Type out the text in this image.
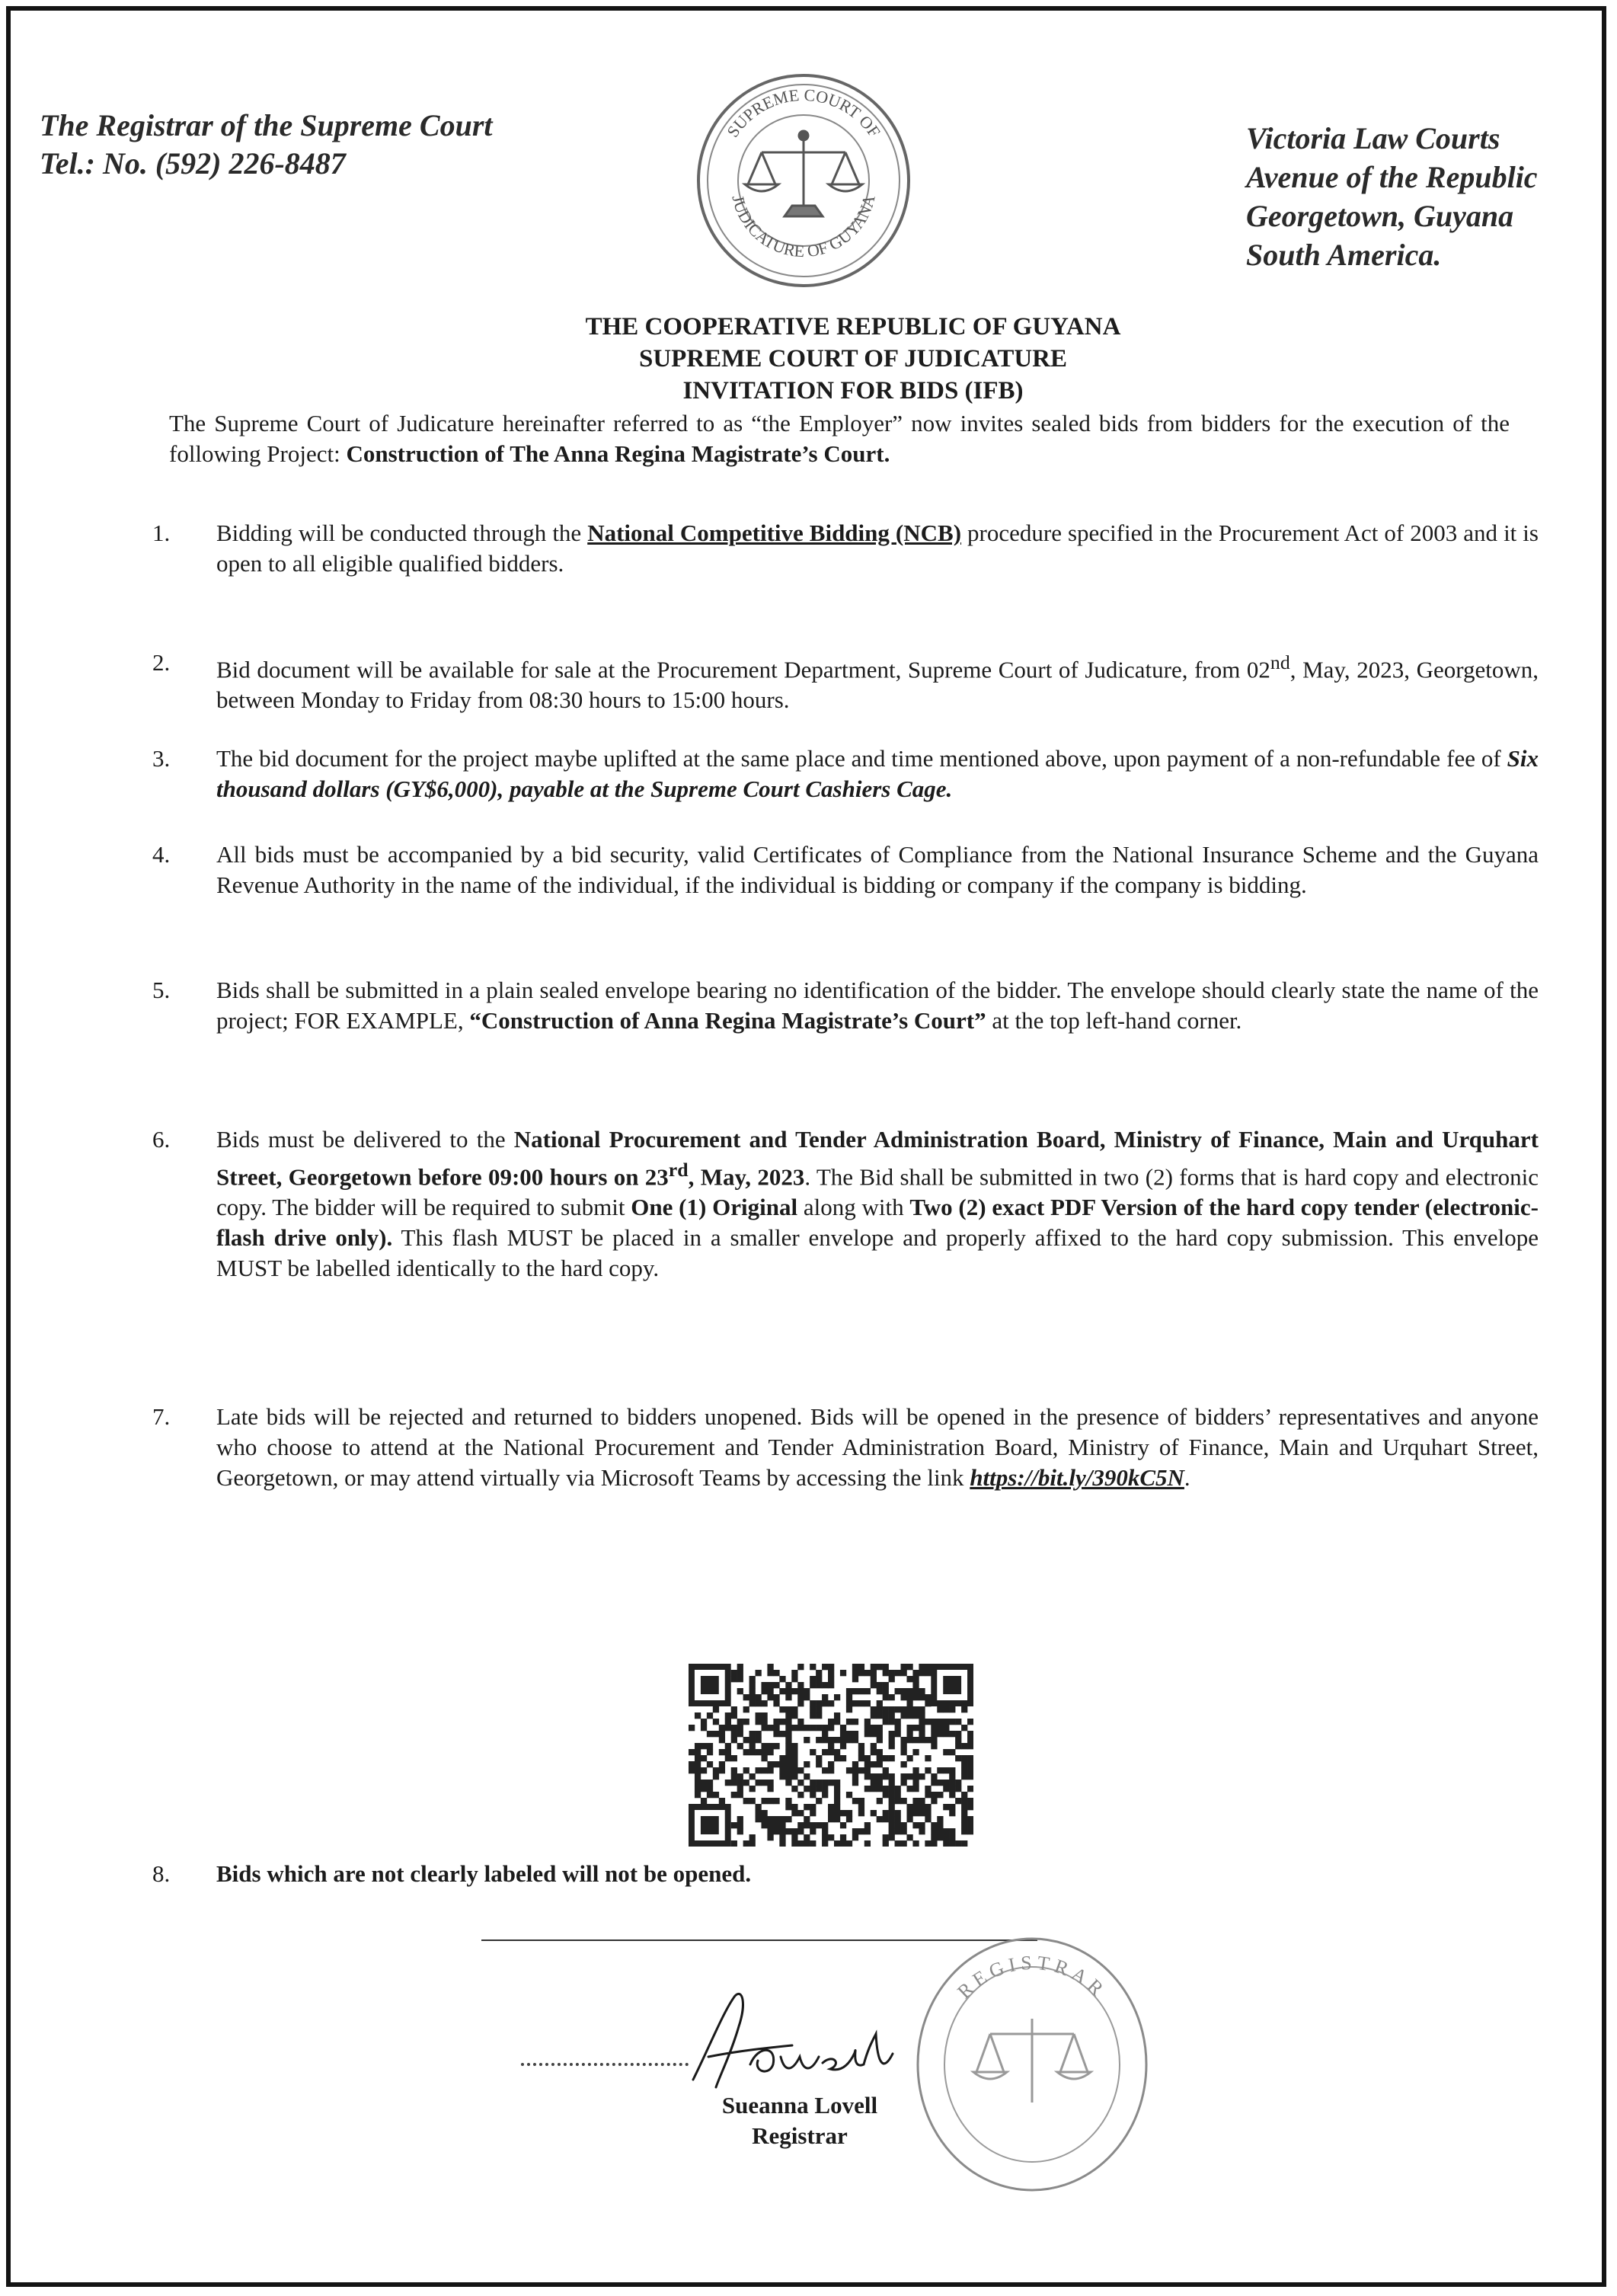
The Registrar of the Supreme Court
Tel.: No. (592) 226-8487
Victoria Law Courts
Avenue of the Republic
Georgetown, Guyana
South America.
SUPREME COURT OF
JUDICATURE OF GUYANA
THE COOPERATIVE REPUBLIC OF GUYANA
SUPREME COURT OF JUDICATURE
INVITATION FOR BIDS (IFB)
The Supreme Court of Judicature hereinafter referred to as “the Employer” now invites sealed bids from bidders for the execution of the following Project: Construction of The Anna Regina Magistrate’s Court.
1.	Bidding will be conducted through the National Competitive Bidding (NCB) procedure specified in the Procurement Act of 2003 and it is open to all eligible qualified bidders.
2.	Bid document will be available for sale at the Procurement Department, Supreme Court of Judicature, from 02nd, May, 2023, Georgetown, between Monday to Friday from 08:30 hours to 15:00 hours.
3.	The bid document for the project maybe uplifted at the same place and time mentioned above, upon payment of a non-refundable fee of Six thousand dollars (GY$6,000), payable at the Supreme Court Cashiers Cage.
4.	All bids must be accompanied by a bid security, valid Certificates of Compliance from the National Insurance Scheme and the Guyana Revenue Authority in the name of the individual, if the individual is bidding or company if the company is bidding.
5.	Bids shall be submitted in a plain sealed envelope bearing no identification of the bidder. The envelope should clearly state the name of the project; FOR EXAMPLE, “Construction of Anna Regina Magistrate’s Court” at the top left-hand corner.
6.	Bids must be delivered to the National Procurement and Tender Administration Board, Ministry of Finance, Main and Urquhart Street, Georgetown before 09:00 hours on 23rd, May, 2023. The Bid shall be submitted in two (2) forms that is hard copy and electronic copy. The bidder will be required to submit One (1) Original along with Two (2) exact PDF Version of the hard copy tender (electronic-flash drive only). This flash MUST be placed in a smaller envelope and properly affixed to the hard copy submission. This envelope MUST be labelled identically to the hard copy.
7.	Late bids will be rejected and returned to bidders unopened. Bids will be opened in the presence of bidders’ representatives and anyone who choose to attend at the National Procurement and Tender Administration Board, Ministry of Finance, Main and Urquhart Street, Georgetown, or may attend virtually via Microsoft Teams by accessing the link https://bit.ly/390kC5N.
8.	Bids which are not clearly labeled will not be opened.
REGISTRAR
Sueanna Lovell
Registrar
